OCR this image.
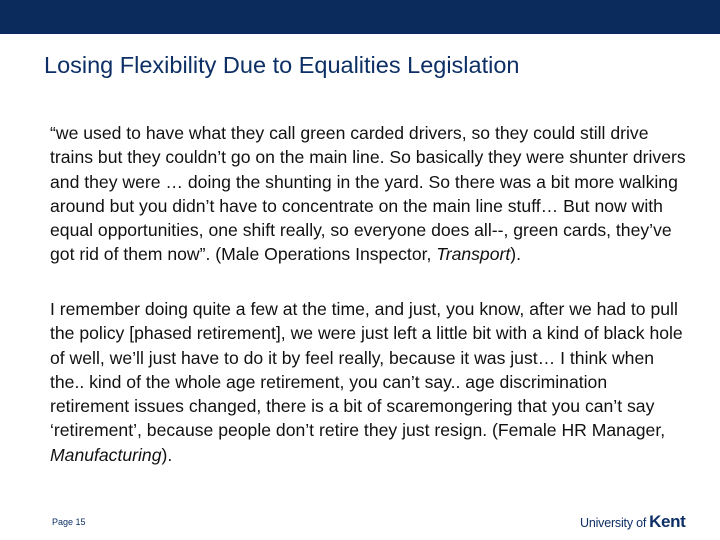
Losing Flexibility Due to Equalities Legislation

“we used to have what they call green carded drivers, so they could still drive trains but they couldn’t go on the main line. So basically they were shunter drivers and they were … doing the shunting in the yard. So there was a bit more walking around but you didn’t have to concentrate on the main line stuff… But now with equal opportunities, one shift really, so everyone does all--, green cards, they’ve got rid of them now”. (Male Operations Inspector, Transport).

I remember doing quite a few at the time, and just, you know, after we had to pull the policy [phased retirement], we were just left a little bit with a kind of black hole of well, we’ll just have to do it by feel really, because it was just… I think when the.. kind of the whole age retirement, you can’t say.. age discrimination retirement issues changed, there is a bit of scaremongering that you can’t say ‘retirement’, because people don’t retire they just resign. (Female HR Manager, Manufacturing).

Page 15	University of Kent
